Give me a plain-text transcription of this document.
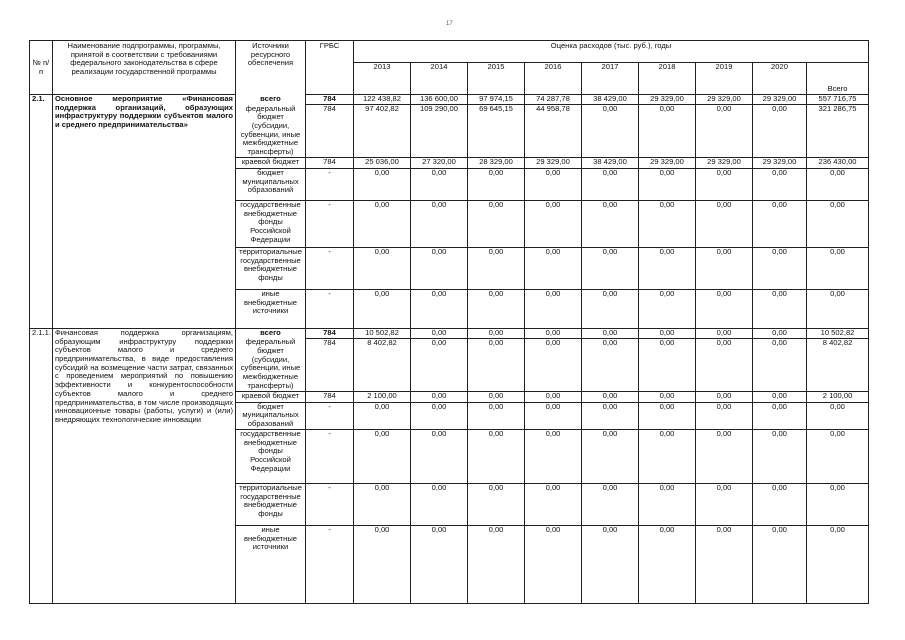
17
№ п/п	Наименование подпрограммы, программы, принятой в соответствии с требованиями федерального законодательства в сфере реализации государственной программы	Источники ресурсного обеспечения	ГРБС	Оценка расходов (тыс. руб.), годы								
				2013	2014	2015	2016	2017	2018	2019	2020	Всего
2.1.	Основное мероприятие «Финансовая поддержка организаций, образующих инфраструктуру поддержки субъектов малого и среднего предпринимательства»	всего	784	122 438,82	136 600,00	97 974,15	74 287,78	38 429,00	29 329,00	29 329,00	29 329,00	557 716,75
		федеральный бюджет (субсидии, субвенции, иные межбюджетные трансферты)	784	97 402,82	109 290,00	69 645,15	44 958,78	0,00	0,00	0,00	0,00	321 286,75
		краевой бюджет	784	25 036,00	27 320,00	28 329,00	29 329,00	38 429,00	29 329,00	29 329,00	29 329,00	236 430,00
		бюджет муниципальных образований	-	0,00	0,00	0,00	0,00	0,00	0,00	0,00	0,00	0,00
		государственные внебюджетные фонды Российской Федерации	-	0,00	0,00	0,00	0,00	0,00	0,00	0,00	0,00	0,00
		территориальные государственные внебюджетные фонды	-	0,00	0,00	0,00	0,00	0,00	0,00	0,00	0,00	0,00
		иные внебюджетные источники	-	0,00	0,00	0,00	0,00	0,00	0,00	0,00	0,00	0,00
2.1.1.	Финансовая поддержка организациям, образующим инфраструктуру поддержки субъектов малого и среднего предпринимательства, в виде предоставления субсидий на возмещение части затрат, связанных с проведением мероприятий по повышению эффективности и конкурентоспособности субъектов малого и среднего предпринимательства, в том числе производящих инновационные товары (работы, услуги) и (или) внедряющих технологические инновации	всего	784	10 502,82	0,00	0,00	0,00	0,00	0,00	0,00	0,00	10 502,82
		федеральный бюджет (субсидии, субвенции, иные межбюджетные трансферты)	784	8 402,82	0,00	0,00	0,00	0,00	0,00	0,00	0,00	8 402,82
		краевой бюджет	784	2 100,00	0,00	0,00	0,00	0,00	0,00	0,00	0,00	2 100,00
		бюджет муниципальных образований	-	0,00	0,00	0,00	0,00	0,00	0,00	0,00	0,00	0,00
		государственные внебюджетные фонды Российской Федерации	-	0,00	0,00	0,00	0,00	0,00	0,00	0,00	0,00	0,00
		территориальные государственные внебюджетные фонды	-	0,00	0,00	0,00	0,00	0,00	0,00	0,00	0,00	0,00
		иные внебюджетные источники	-	0,00	0,00	0,00	0,00	0,00	0,00	0,00	0,00	0,00
